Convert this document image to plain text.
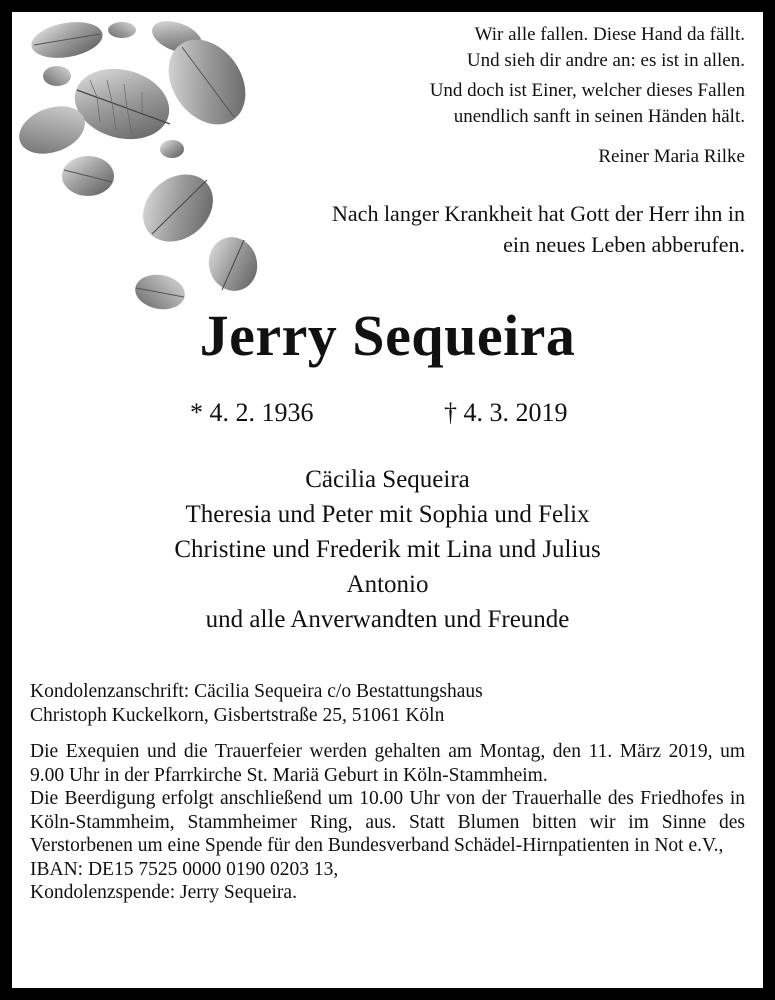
Wir alle fallen. Diese Hand da fällt.

Und sieh dir andre an: es ist in allen.

Und doch ist Einer, welcher dieses Fallen

unendlich sanft in seinen Händen hält.

Reiner Maria Rilke
Nach langer Krankheit hat Gott der Herr ihn in
ein neues Leben abberufen.
Jerry Sequeira
* 4. 2. 1936	† 4. 3. 2019
Cäcilia Sequeira
Theresia und Peter mit Sophia und Felix
Christine und Frederik mit Lina und Julius
Antonio
und alle Anverwandten und Freunde
Kondolenzanschrift: Cäcilia Sequeira c/o Bestattungshaus
Christoph Kuckelkorn, Gisbertstraße 25, 51061 Köln

Die Exequien und die Trauerfeier werden gehalten am Montag, den 11. März 2019, um 9.00 Uhr in der Pfarrkirche St. Mariä Geburt in Köln-Stammheim.

Die Beerdigung erfolgt anschließend um 10.00 Uhr von der Trauerhalle des Friedhofes in Köln-Stammheim, Stammheimer Ring, aus. Statt Blumen bitten wir im Sinne des Verstorbenen um eine Spende für den Bundesverband Schädel-Hirnpatienten in Not e.V.,

IBAN: DE15 7525 0000 0190 0203 13,

Kondolenzspende: Jerry Sequeira.
